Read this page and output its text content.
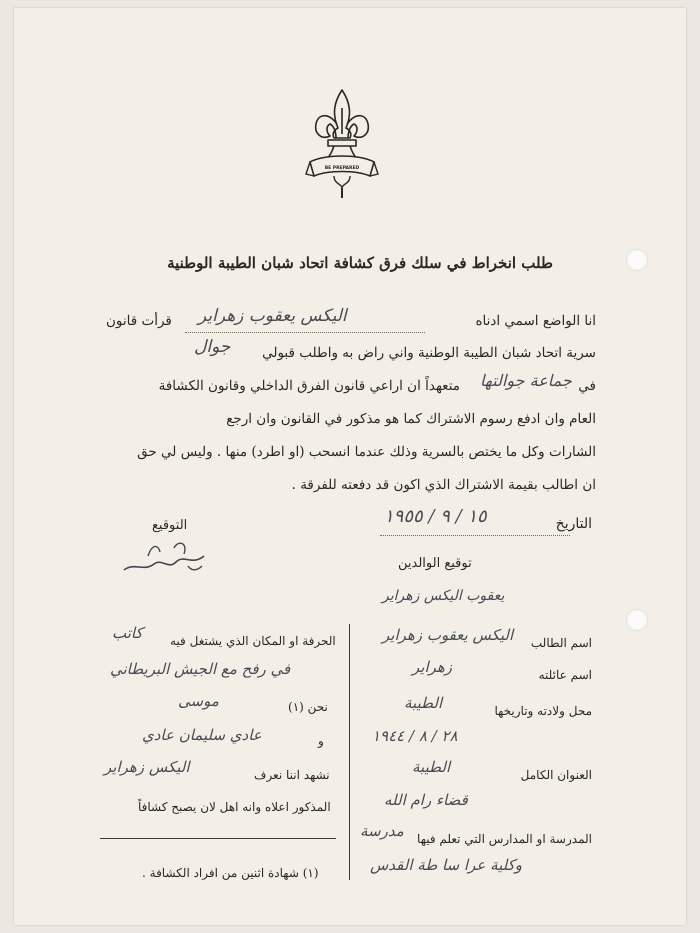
BE PREPARED
طلب انخراط في سلك فرق كشافة اتحاد شبان الطيبة الوطنية
انا الواضع اسمي ادناه
قرأت قانون اليكس يعقوب زهراير
سرية اتحاد شبان الطيبة الوطنية واني راض به واطلب قبولي
جوال
في
جماعة جوالتها
متعهداً ان اراعي قانون الفرق الداخلي وقانون الكشافة
العام وان ادفع رسوم الاشتراك كما هو مذكور في القانون وان ارجع
الشارات وكل ما يختص بالسرية وذلك عندما انسحب (او اطرد) منها . وليس لي حق
ان اطالب بقيمة الاشتراك الذي اكون قد دفعته للفرقة .
التاريخ
١٥ / ٩ / ١٩٥٥
التوقيع
توقيع الوالدين
يعقوب اليكس زهراير
اسم الطالب
اليكس يعقوب زهراير
اسم عائلته
زهراير
محل ولادته وتاريخها
الطيبة
٢٨ / ٨ / ١٩٤٤
العنوان الكامل
الطيبة
قضاء رام الله
المدرسة او المدارس التي تعلم فيها
مدرسة
وكلية عرا سا طة القدس
الحرفة او المكان الذي يشتغل فيه
كاتب
في رفح مع الجيش البريطاني
نحن (١)
موسى
و
عادي سليمان عادي
نشهد اننا نعرف
اليكس زهراير
المذكور اعلاه وانه اهل لان يصبح كشافاً
(١) شهادة اثنين من افراد الكشافة .
